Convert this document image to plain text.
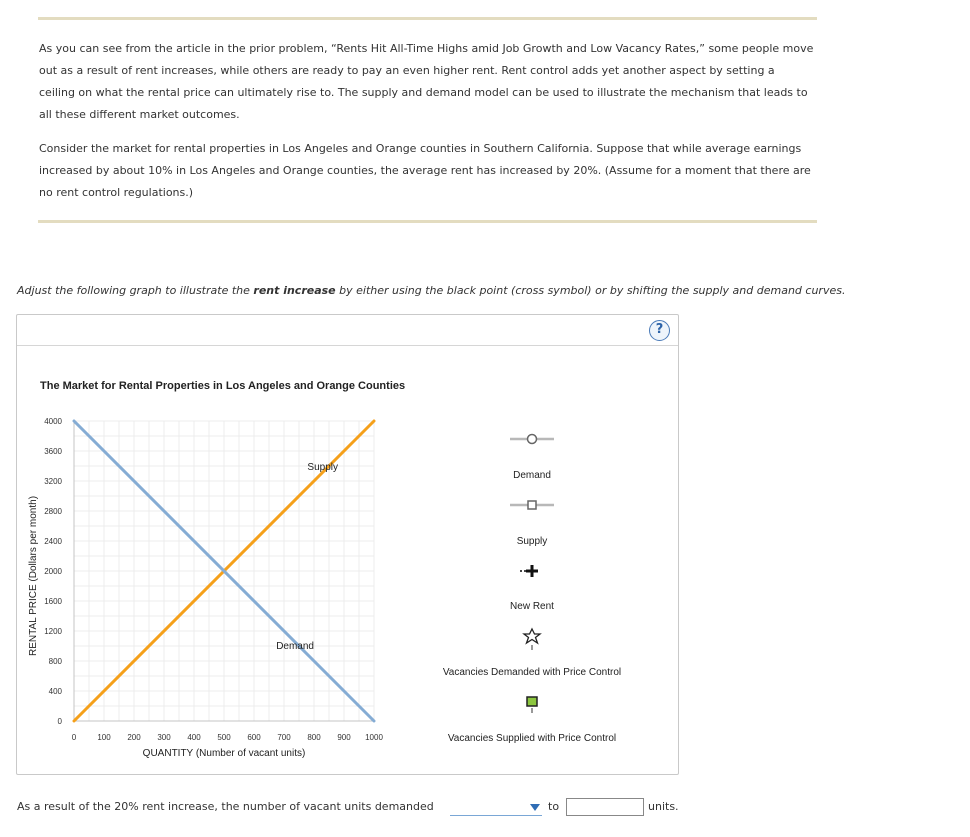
As you can see from the article in the prior problem, “Rents Hit All-Time Highs amid Job Growth and Low Vacancy Rates,” some people move out as a result of rent increases, while others are ready to pay an even higher rent. Rent control adds yet another aspect by setting a ceiling on what the rental price can ultimately rise to. The supply and demand model can be used to illustrate the mechanism that leads to all these different market outcomes.

Consider the market for rental properties in Los Angeles and Orange counties in Southern California. Suppose that while average earnings increased by about 10% in Los Angeles and Orange counties, the average rent has increased by 20%. (Assume for a moment that there are no rent control regulations.)

Adjust the following graph to illustrate the rent increase by either using the black point (cross symbol) or by shifting the supply and demand curves.
?
The Market for Rental Properties in Los Angeles and Orange Counties
0
400
800
1200
1600
2000
2400
2800
3200
3600
4000
0	100 200 300 400 500 600 700 800 900 1000
QUANTITY (Number of vacant units)
RENTAL PRICE (Dollars per month)
Supply
Demand
Demand
Supply
New Rent
Vacancies Demanded with Price Control
Vacancies Supplied with Price Control
As a result of the 20% rent increase, the number of vacant units demanded	to	units.
